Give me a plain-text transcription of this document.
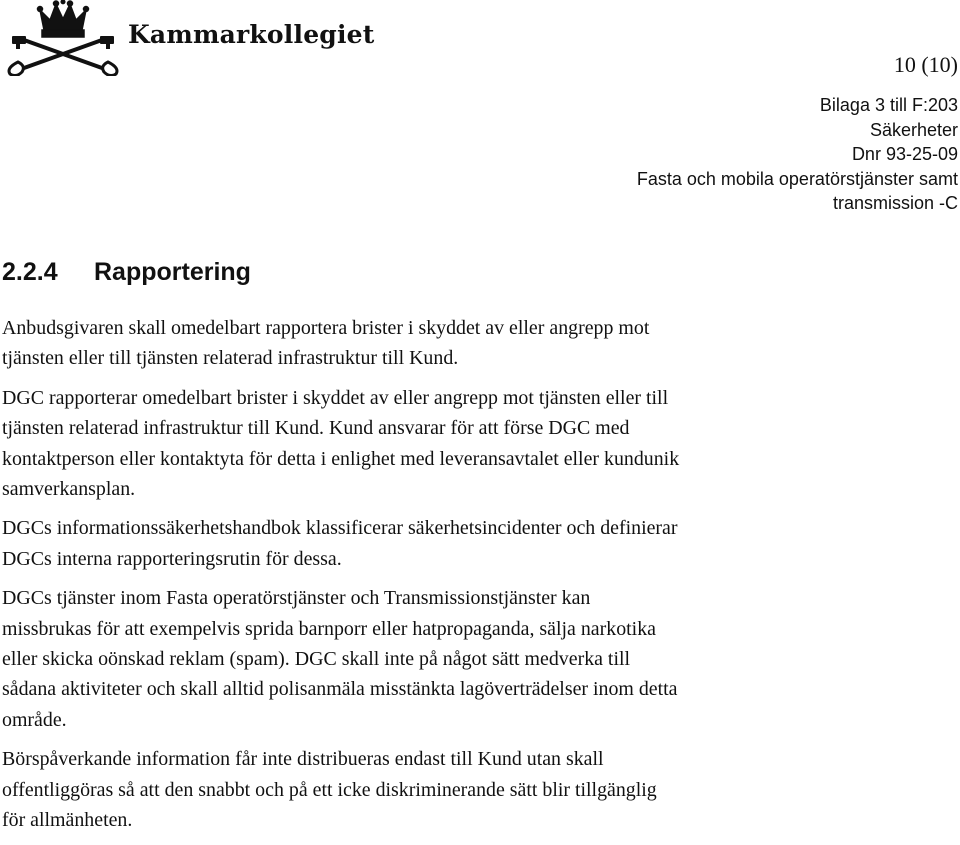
Kammarkollegiet
10 (10)
Bilaga 3 till F:203
Säkerheter
Dnr 93-25-09
Fasta och mobila operatörstjänster samt
transmission -C
2.2.4 Rapportering

Anbudsgivaren skall omedelbart rapportera brister i skyddet av eller angrepp mot
tjänsten eller till tjänsten relaterad infrastruktur till Kund.

DGC rapporterar omedelbart brister i skyddet av eller angrepp mot tjänsten eller till
tjänsten relaterad infrastruktur till Kund. Kund ansvarar för att förse DGC med
kontaktperson eller kontaktyta för detta i enlighet med leveransavtalet eller kundunik
samverkansplan.

DGCs informationssäkerhetshandbok klassificerar säkerhetsincidenter och definierar
DGCs interna rapporteringsrutin för dessa.

DGCs tjänster inom Fasta operatörstjänster och Transmissionstjänster kan
missbrukas för att exempelvis sprida barnporr eller hatpropaganda, sälja narkotika
eller skicka oönskad reklam (spam). DGC skall inte på något sätt medverka till
sådana aktiviteter och skall alltid polisanmäla misstänkta lagöverträdelser inom detta
område.

Börspåverkande information får inte distribueras endast till Kund utan skall
offentliggöras så att den snabbt och på ett icke diskriminerande sätt blir tillgänglig
för allmänheten.
